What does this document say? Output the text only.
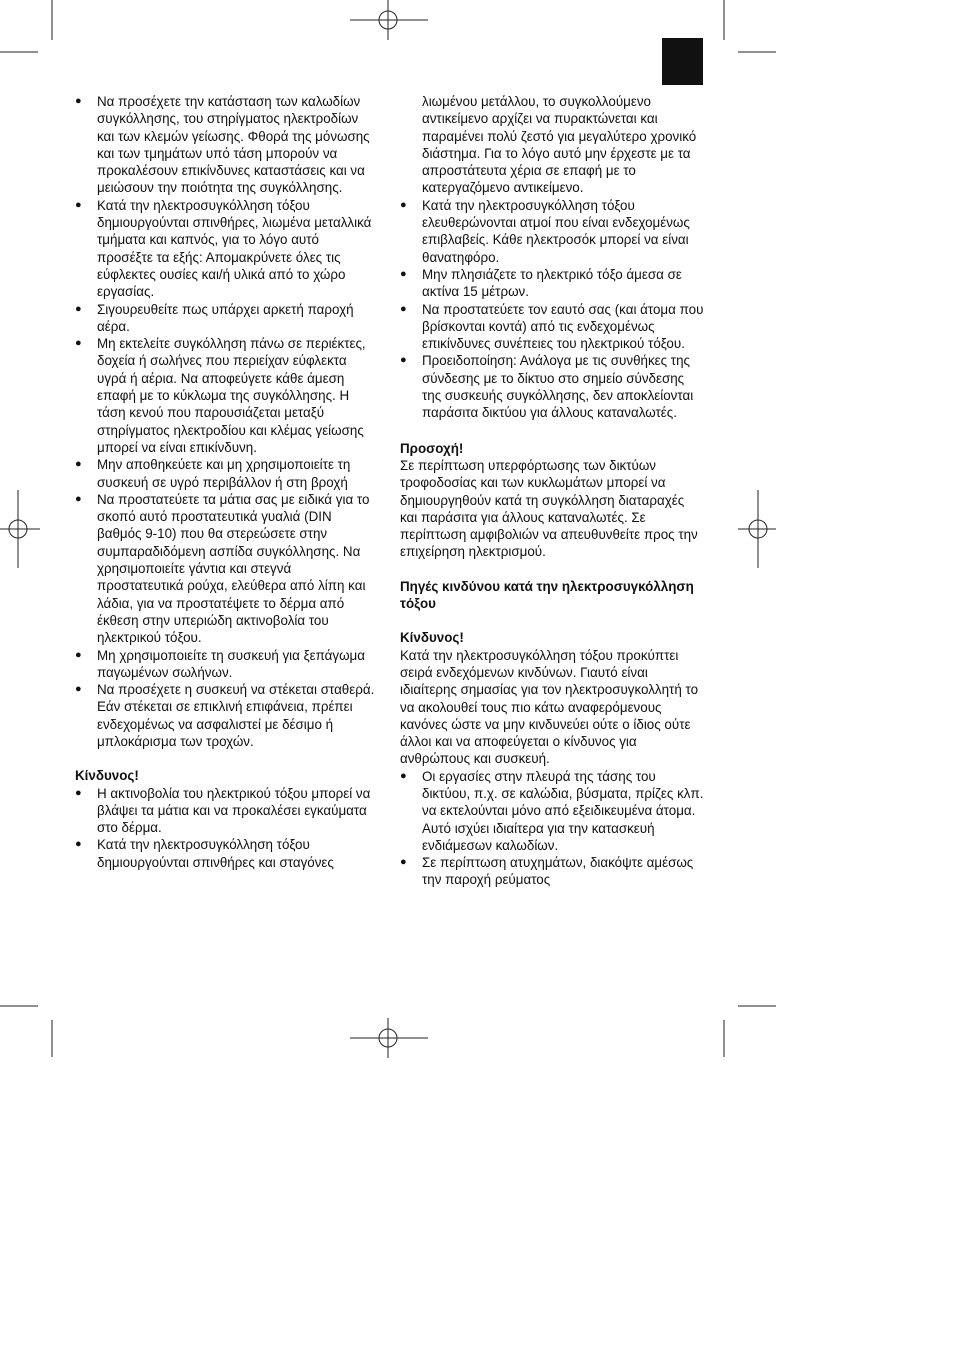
● Να προσέχετε την κατάσταση των καλωδίων συγκόλλησης, του στηρίγματος ηλεκτροδίων και των κλεμών γείωσης. Φθορά της μόνωσης και των τμημάτων υπό τάση μπορούν να προκαλέσουν επικίνδυνες καταστάσεις και να μειώσουν την ποιότητα της συγκόλλησης.
● Κατά την ηλεκτροσυγκόλληση τόξου δημιουργούνται σπινθήρες, λιωμένα μεταλλικά τμήματα και καπνός, για το λόγο αυτό προσέξτε τα εξής: Απομακρύνετε όλες τις εύφλεκτες ουσίες και/ή υλικά από το χώρο εργασίας.
● Σιγουρευθείτε πως υπάρχει αρκετή παροχή αέρα.
● Μη εκτελείτε συγκόλληση πάνω σε περιέκτες, δοχεία ή σωλήνες που περιείχαν εύφλεκτα υγρά ή αέρια. Να αποφεύγετε κάθε άμεση επαφή με το κύκλωμα της συγκόλλησης. Η τάση κενού που παρουσιάζεται μεταξύ στηρίγματος ηλεκτροδίου και κλέμας γείωσης μπορεί να είναι επικίνδυνη.
● Μην αποθηκεύετε και μη χρησιμοποιείτε τη συσκευή σε υγρό περιβάλλον ή στη βροχή
● Να προστατεύετε τα μάτια σας με ειδικά για το σκοπό αυτό προστατευτικά γυαλιά (DIN βαθμός 9-10) που θα στερεώσετε στην συμπαραδιδόμενη ασπίδα συγκόλλησης. Να χρησιμοποιείτε γάντια και στεγνά προστατευτικά ρούχα, ελεύθερα από λίπη και λάδια, για να προστατέψετε το δέρμα από έκθεση στην υπεριώδη ακτινοβολία του ηλεκτρικού τόξου.
● Μη χρησιμοποιείτε τη συσκευή για ξεπάγωμα παγωμένων σωλήνων.
● Να προσέχετε η συσκευή να στέκεται σταθερά. Εάν στέκεται σε επικλινή επιφάνεια, πρέπει ενδεχομένως να ασφαλιστεί με δέσιμο ή μπλοκάρισμα των τροχών.
Κίνδυνος!
● Η ακτινοβολία του ηλεκτρικού τόξου μπορεί να βλάψει τα μάτια και να προκαλέσει εγκαύματα στο δέρμα.
● Κατά την ηλεκτροσυγκόλληση τόξου δημιουργούνται σπινθήρες και σταγόνες
λιωμένου μετάλλου, το συγκολλούμενο αντικείμενο αρχίζει να πυρακτώνεται και παραμένει πολύ ζεστό για μεγαλύτερο χρονικό διάστημα. Για το λόγο αυτό μην έρχεστε με τα απροστάτευτα χέρια σε επαφή με το κατεργαζόμενο αντικείμενο.
● Κατά την ηλεκτροσυγκόλληση τόξου ελευθερώνονται ατμοί που είναι ενδεχομένως επιβλαβείς. Κάθε ηλεκτροσόκ μπορεί να είναι θανατηφόρο.
● Μην πλησιάζετε το ηλεκτρικό τόξο άμεσα σε ακτίνα 15 μέτρων.
● Να προστατεύετε τον εαυτό σας (και άτομα που βρίσκονται κοντά) από τις ενδεχομένως επικίνδυνες συνέπειες του ηλεκτρικού τόξου.
● Προειδοποίηση: Ανάλογα με τις συνθήκες της σύνδεσης με το δίκτυο στο σημείο σύνδεσης της συσκευής συγκόλλησης, δεν αποκλείονται παράσιτα δικτύου για άλλους καταναλωτές.
Προσοχή!
Σε περίπτωση υπερφόρτωσης των δικτύων τροφοδοσίας και των κυκλωμάτων μπορεί να δημιουργηθούν κατά τη συγκόλληση διαταραχές και παράσιτα για άλλους καταναλωτές. Σε περίπτωση αμφιβολιών να απευθυνθείτε προς την επιχείρηση ηλεκτρισμού.
Πηγές κινδύνου κατά την ηλεκτροσυγκόλληση τόξου
Κίνδυνος!
Κατά την ηλεκτροσυγκόλληση τόξου προκύπτει σειρά ενδεχόμενων κινδύνων. Γιαυτό είναι ιδιαίτερης σημασίας για τον ηλεκτροσυγκολλητή το να ακολουθεί τους πιο κάτω αναφερόμενους κανόνες ώστε να μην κινδυνεύει ούτε ο ίδιος ούτε άλλοι και να αποφεύγεται ο κίνδυνος για ανθρώπους και συσκευή.
● Οι εργασίες στην πλευρά της τάσης του δικτύου, π.χ. σε καλώδια, βύσματα, πρίζες κλπ. να εκτελούνται μόνο από εξειδικευμένα άτομα. Αυτό ισχύει ιδιαίτερα για την κατασκευή ενδιάμεσων καλωδίων.
● Σε περίπτωση ατυχημάτων, διακόψτε αμέσως την παροχή ρεύματος
